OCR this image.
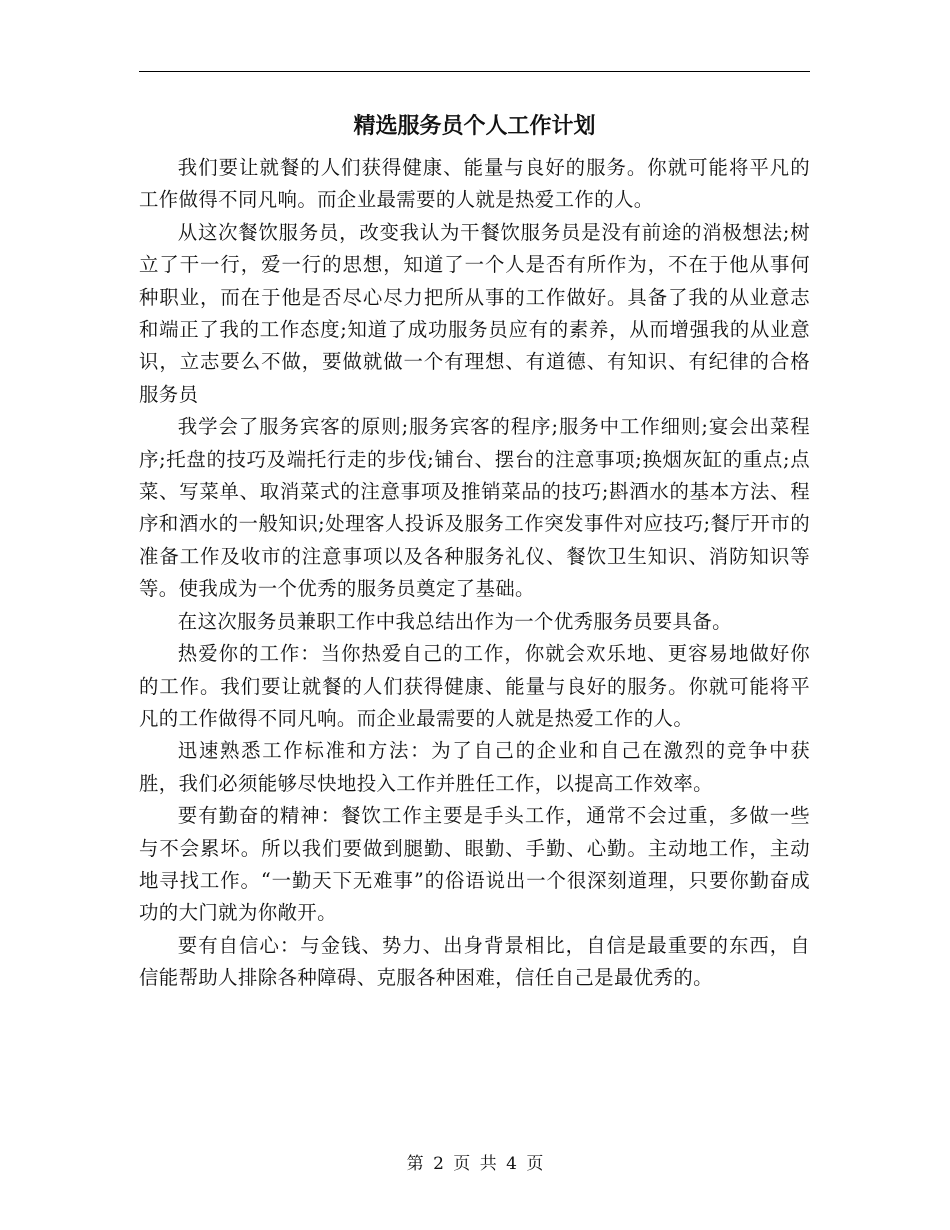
精选服务员个人工作计划

我们要让就餐的人们获得健康、能量与良好的服务。你就可能将平凡的工作做得不同凡响。而企业最需要的人就是热爱工作的人。

从这次餐饮服务员，改变我认为干餐饮服务员是没有前途的消极想法;树立了干一行，爱一行的思想，知道了一个人是否有所作为，不在于他从事何种职业，而在于他是否尽心尽力把所从事的工作做好。具备了我的从业意志和端正了我的工作态度;知道了成功服务员应有的素养，从而增强我的从业意识，立志要么不做，要做就做一个有理想、有道德、有知识、有纪律的合格服务员

我学会了服务宾客的原则;服务宾客的程序;服务中工作细则;宴会出菜程序;托盘的技巧及端托行走的步伐;铺台、摆台的注意事项;换烟灰缸的重点;点菜、写菜单、取消菜式的注意事项及推销菜品的技巧;斟酒水的基本方法、程序和酒水的一般知识;处理客人投诉及服务工作突发事件对应技巧;餐厅开市的准备工作及收市的注意事项以及各种服务礼仪、餐饮卫生知识、消防知识等等。使我成为一个优秀的服务员奠定了基础。

在这次服务员兼职工作中我总结出作为一个优秀服务员要具备。

热爱你的工作：当你热爱自己的工作，你就会欢乐地、更容易地做好你的工作。我们要让就餐的人们获得健康、能量与良好的服务。你就可能将平凡的工作做得不同凡响。而企业最需要的人就是热爱工作的人。

迅速熟悉工作标准和方法：为了自己的企业和自己在激烈的竞争中获胜，我们必须能够尽快地投入工作并胜任工作，以提高工作效率。

要有勤奋的精神：餐饮工作主要是手头工作，通常不会过重，多做一些与不会累坏。所以我们要做到腿勤、眼勤、手勤、心勤。主动地工作，主动地寻找工作。“一勤天下无难事”的俗语说出一个很深刻道理，只要你勤奋成功的大门就为你敞开。

要有自信心：与金钱、势力、出身背景相比，自信是最重要的东西，自信能帮助人排除各种障碍、克服各种困难，信任自己是最优秀的。

第 2 页 共 4 页
